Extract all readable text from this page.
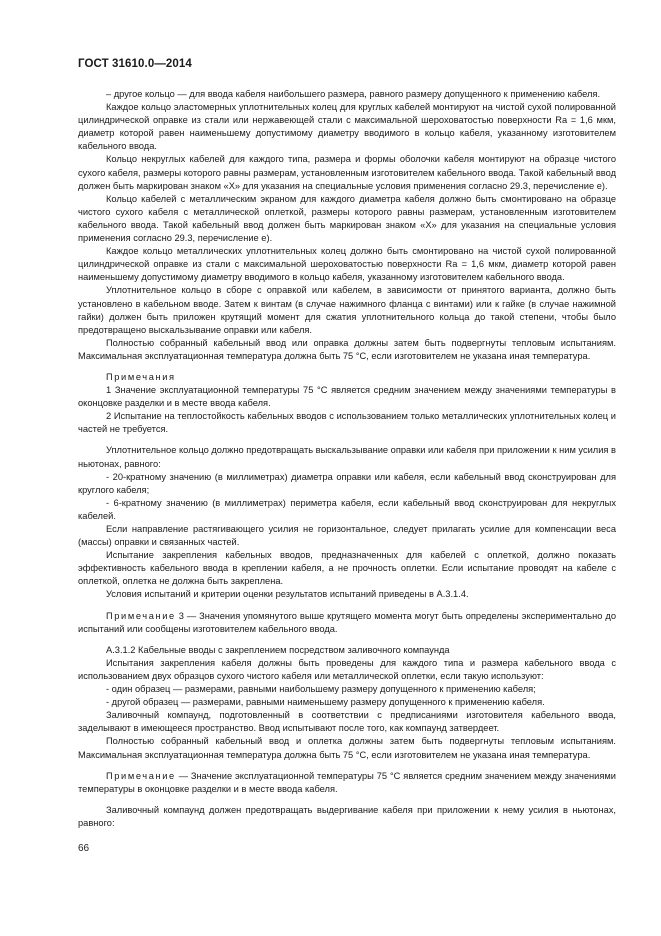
ГОСТ 31610.0—2014

– другое кольцо — для ввода кабеля наибольшего размера, равного размеру допущенного к применению кабеля.

Каждое кольцо эластомерных уплотнительных колец для круглых кабелей монтируют на чистой сухой полированной цилиндрической оправке из стали или нержавеющей стали с максимальной шероховатостью поверхности Ra = 1,6 мкм, диаметр которой равен наименьшему допустимому диаметру вводимого в кольцо кабеля, указанному изготовителем кабельного ввода.

Кольцо некруглых кабелей для каждого типа, размера и формы оболочки кабеля монтируют на образце чистого сухого кабеля, размеры которого равны размерам, установленным изготовителем кабельного ввода. Такой кабельный ввод должен быть маркирован знаком «X» для указания на специальные условия применения согласно 29.3, перечисление е).

Кольцо кабелей с металлическим экраном для каждого диаметра кабеля должно быть смонтировано на образце чистого сухого кабеля с металлической оплеткой, размеры которого равны размерам, установленным изготовителем кабельного ввода. Такой кабельный ввод должен быть маркирован знаком «X» для указания на специальные условия применения согласно 29.3, перечисление е).

Каждое кольцо металлических уплотнительных колец должно быть смонтировано на чистой сухой полированной цилиндрической оправке из стали с максимальной шероховатостью поверхности Ra = 1,6 мкм, диаметр которой равен наименьшему допустимому диаметру вводимого в кольцо кабеля, указанному изготовителем кабельного ввода.

Уплотнительное кольцо в сборе с оправкой или кабелем, в зависимости от принятого варианта, должно быть установлено в кабельном вводе. Затем к винтам (в случае нажимного фланца с винтами) или к гайке (в случае нажимной гайки) должен быть приложен крутящий момент для сжатия уплотнительного кольца до такой степени, чтобы было предотвращено выскальзывание оправки или кабеля.

Полностью собранный кабельный ввод или оправка должны затем быть подвергнуты тепловым испытаниям. Максимальная эксплуатационная температура должна быть 75 °С, если изготовителем не указана иная температура.

Примечания

1 Значение эксплуатационной температуры 75 °С является средним значением между значениями температуры в оконцовке разделки и в месте ввода кабеля.

2 Испытание на теплостойкость кабельных вводов с использованием только металлических уплотнительных колец и частей не требуется.

Уплотнительное кольцо должно предотвращать выскальзывание оправки или кабеля при приложении к ним усилия в ньютонах, равного:

- 20-кратному значению (в миллиметрах) диаметра оправки или кабеля, если кабельный ввод сконструирован для круглого кабеля;

- 6-кратному значению (в миллиметрах) периметра кабеля, если кабельный ввод сконструирован для некруглых кабелей.

Если направление растягивающего усилия не горизонтальное, следует прилагать усилие для компенсации веса (массы) оправки и связанных частей.

Испытание закрепления кабельных вводов, предназначенных для кабелей с оплеткой, должно показать эффективность кабельного ввода в креплении кабеля, а не прочность оплетки. Если испытание проводят на кабеле с оплеткой, оплетка не должна быть закреплена.

Условия испытаний и критерии оценки результатов испытаний приведены в А.3.1.4.

Примечание 3 — Значения упомянутого выше крутящего момента могут быть определены экспериментально до испытаний или сообщены изготовителем кабельного ввода.

А.3.1.2 Кабельные вводы с закреплением посредством заливочного компаунда

Испытания закрепления кабеля должны быть проведены для каждого типа и размера кабельного ввода с использованием двух образцов сухого чистого кабеля или металлической оплетки, если такую используют:

- один образец — размерами, равными наибольшему размеру допущенного к применению кабеля;

- другой образец — размерами, равными наименьшему размеру допущенного к применению кабеля.

Заливочный компаунд, подготовленный в соответствии с предписаниями изготовителя кабельного ввода, заделывают в имеющееся пространство. Ввод испытывают после того, как компаунд затвердеет.

Полностью собранный кабельный ввод и оплетка должны затем быть подвергнуты тепловым испытаниям. Максимальная эксплуатационная температура должна быть 75 °С, если изготовителем не указана иная температура.

Примечание — Значение эксплуатационной температуры 75 °С является средним значением между значениями температуры в оконцовке разделки и в месте ввода кабеля.

Заливочный компаунд должен предотвращать выдергивание кабеля при приложении к нему усилия в ньютонах, равного:

66
